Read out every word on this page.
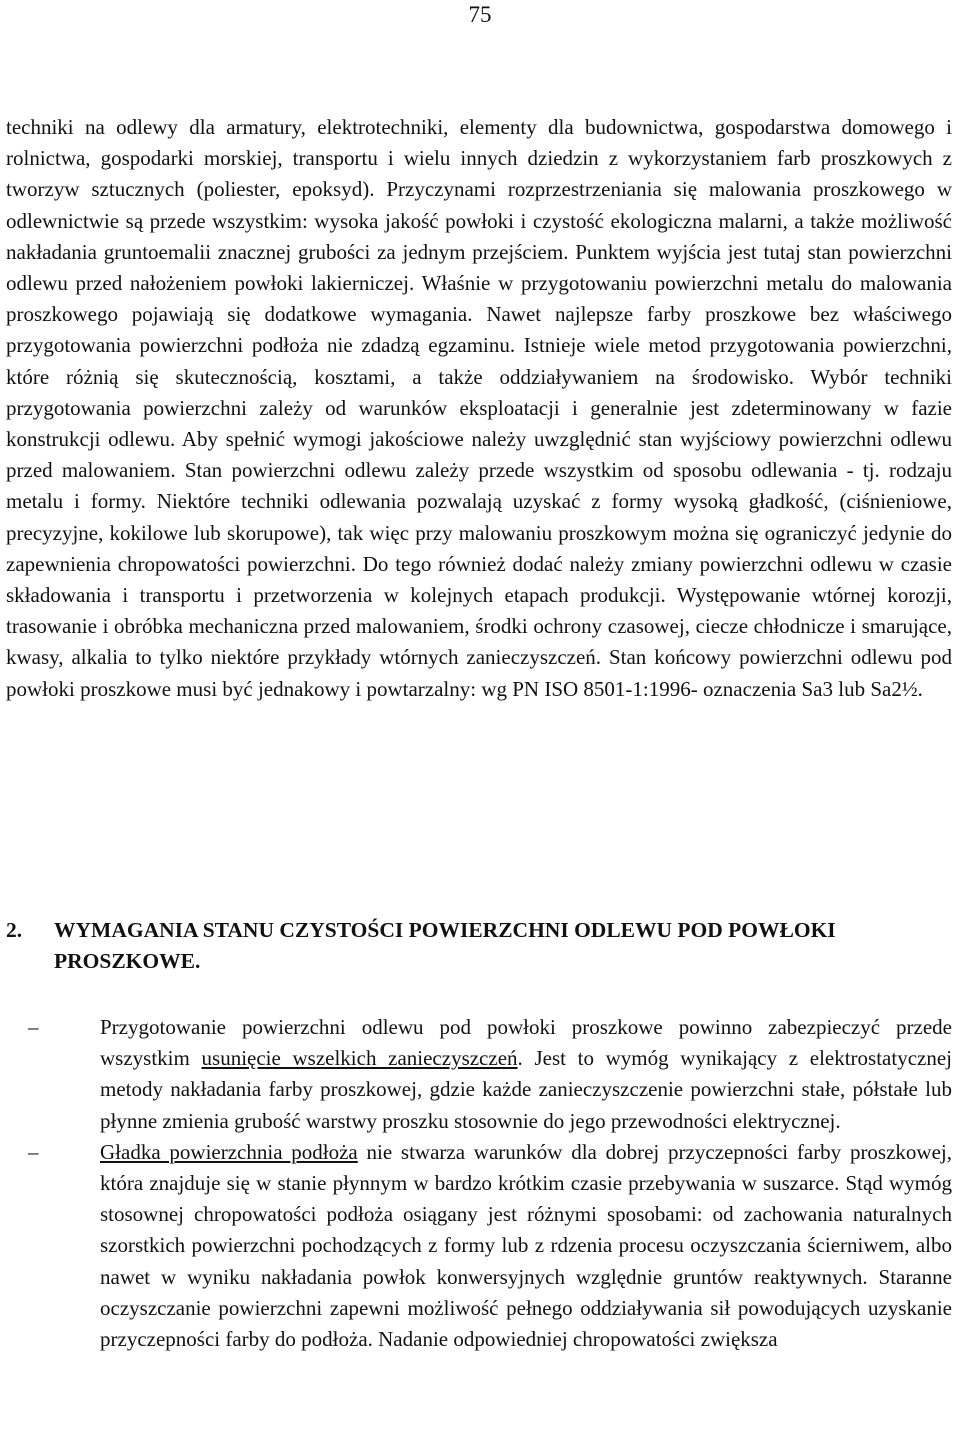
75

techniki na odlewy dla armatury, elektrotechniki, elementy dla budownictwa, gospodarstwa domowego i rolnictwa, gospodarki morskiej, transportu i wielu innych dziedzin z wykorzystaniem farb proszkowych z tworzyw sztucznych (poliester, epoksyd). Przyczynami rozprzestrzeniania się malowania proszkowego w odlewnictwie są przede wszystkim: wysoka jakość powłoki i czystość ekologiczna malarni, a także możliwość nakładania gruntoemalii znacznej grubości za jednym przejściem. Punktem wyjścia jest tutaj stan powierzchni odlewu przed nałożeniem powłoki lakierniczej. Właśnie w przygotowaniu powierzchni metalu do malowania proszkowego pojawiają się dodatkowe wymagania. Nawet najlepsze farby proszkowe bez właściwego przygotowania powierzchni podłoża nie zdadzą egzaminu. Istnieje wiele metod przygotowania powierzchni, które różnią się skutecznością, kosztami, a także oddziaływaniem na środowisko. Wybór techniki przygotowania powierzchni zależy od warunków eksploatacji i generalnie jest zdeterminowany w fazie konstrukcji odlewu. Aby spełnić wymogi jakościowe należy uwzględnić stan wyjściowy powierzchni odlewu przed malowaniem. Stan powierzchni odlewu zależy przede wszystkim od sposobu odlewania - tj. rodzaju metalu i formy. Niektóre techniki odlewania pozwalają uzyskać z formy wysoką gładkość, (ciśnieniowe, precyzyjne, kokilowe lub skorupowe), tak więc przy malowaniu proszkowym można się ograniczyć jedynie do zapewnienia chropowatości powierzchni. Do tego również dodać należy zmiany powierzchni odlewu w czasie składowania i transportu i przetworzenia w kolejnych etapach produkcji. Występowanie wtórnej korozji, trasowanie i obróbka mechaniczna przed malowaniem, środki ochrony czasowej, ciecze chłodnicze i smarujące, kwasy, alkalia to tylko niektóre przykłady wtórnych zanieczyszczeń. Stan końcowy powierzchni odlewu pod powłoki proszkowe musi być jednakowy i powtarzalny: wg PN ISO 8501-1:1996- oznaczenia Sa3 lub Sa2½.

2.	WYMAGANIA STANU CZYSTOŚCI POWIERZCHNI ODLEWU POD POWŁOKI PROSZKOWE.
–	Przygotowanie powierzchni odlewu pod powłoki proszkowe powinno zabezpieczyć przede wszystkim usunięcie wszelkich zanieczyszczeń. Jest to wymóg wynikający z elektrostatycznej metody nakładania farby proszkowej, gdzie każde zanieczyszczenie powierzchni stałe, półstałe lub płynne zmienia grubość warstwy proszku stosownie do jego przewodności elektrycznej.
–	Gładka powierzchnia podłoża nie stwarza warunków dla dobrej przyczepności farby proszkowej, która znajduje się w stanie płynnym w bardzo krótkim czasie przebywania w suszarce. Stąd wymóg stosownej chropowatości podłoża osiągany jest różnymi sposobami: od zachowania naturalnych szorstkich powierzchni pochodzących z formy lub z rdzenia procesu oczyszczania ścierniwem, albo nawet w wyniku nakładania powłok konwersyjnych względnie gruntów reaktywnych. Staranne oczyszczanie powierzchni zapewni możliwość pełnego oddziaływania sił powodujących uzyskanie przyczepności farby do podłoża. Nadanie odpowiedniej chropowatości zwiększa
